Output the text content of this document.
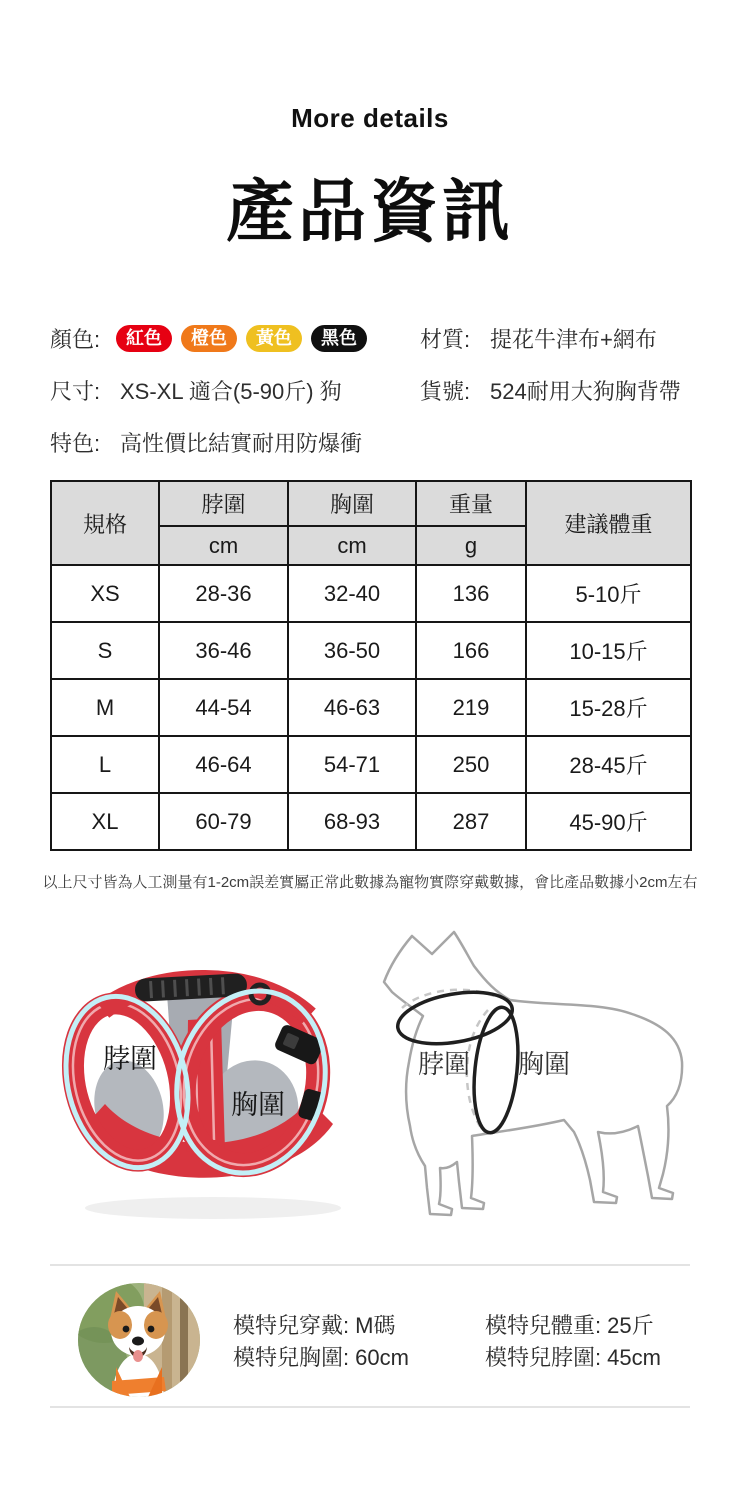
More details
產品資訊
顏色:	紅色	橙色	黃色	黑色	材質: 提花牛津布+網布
尺寸: XS-XL 適合(5-90斤) 狗	貨號: 524耐用大狗胸背帶
特色: 高性價比結實耐用防爆衝
規格	脖圍	胸圍	重量	建議體重
	cm	cm	g	
XS	28-36	32-40	136	5-10斤
S	36-46	36-50	166	10-15斤
M	44-54	46-63	219	15-28斤
L	46-64	54-71	250	28-45斤
XL	60-79	68-93	287	45-90斤
以上尺寸皆為人工測量有1-2cm誤差實屬正常此數據為寵物實際穿戴數據，會比產品數據小2cm左右
脖圍
胸圍
脖圍 胸圍
模特兒穿戴: M碼	模特兒體重: 25斤
模特兒胸圍: 60cm	模特兒脖圍: 45cm
